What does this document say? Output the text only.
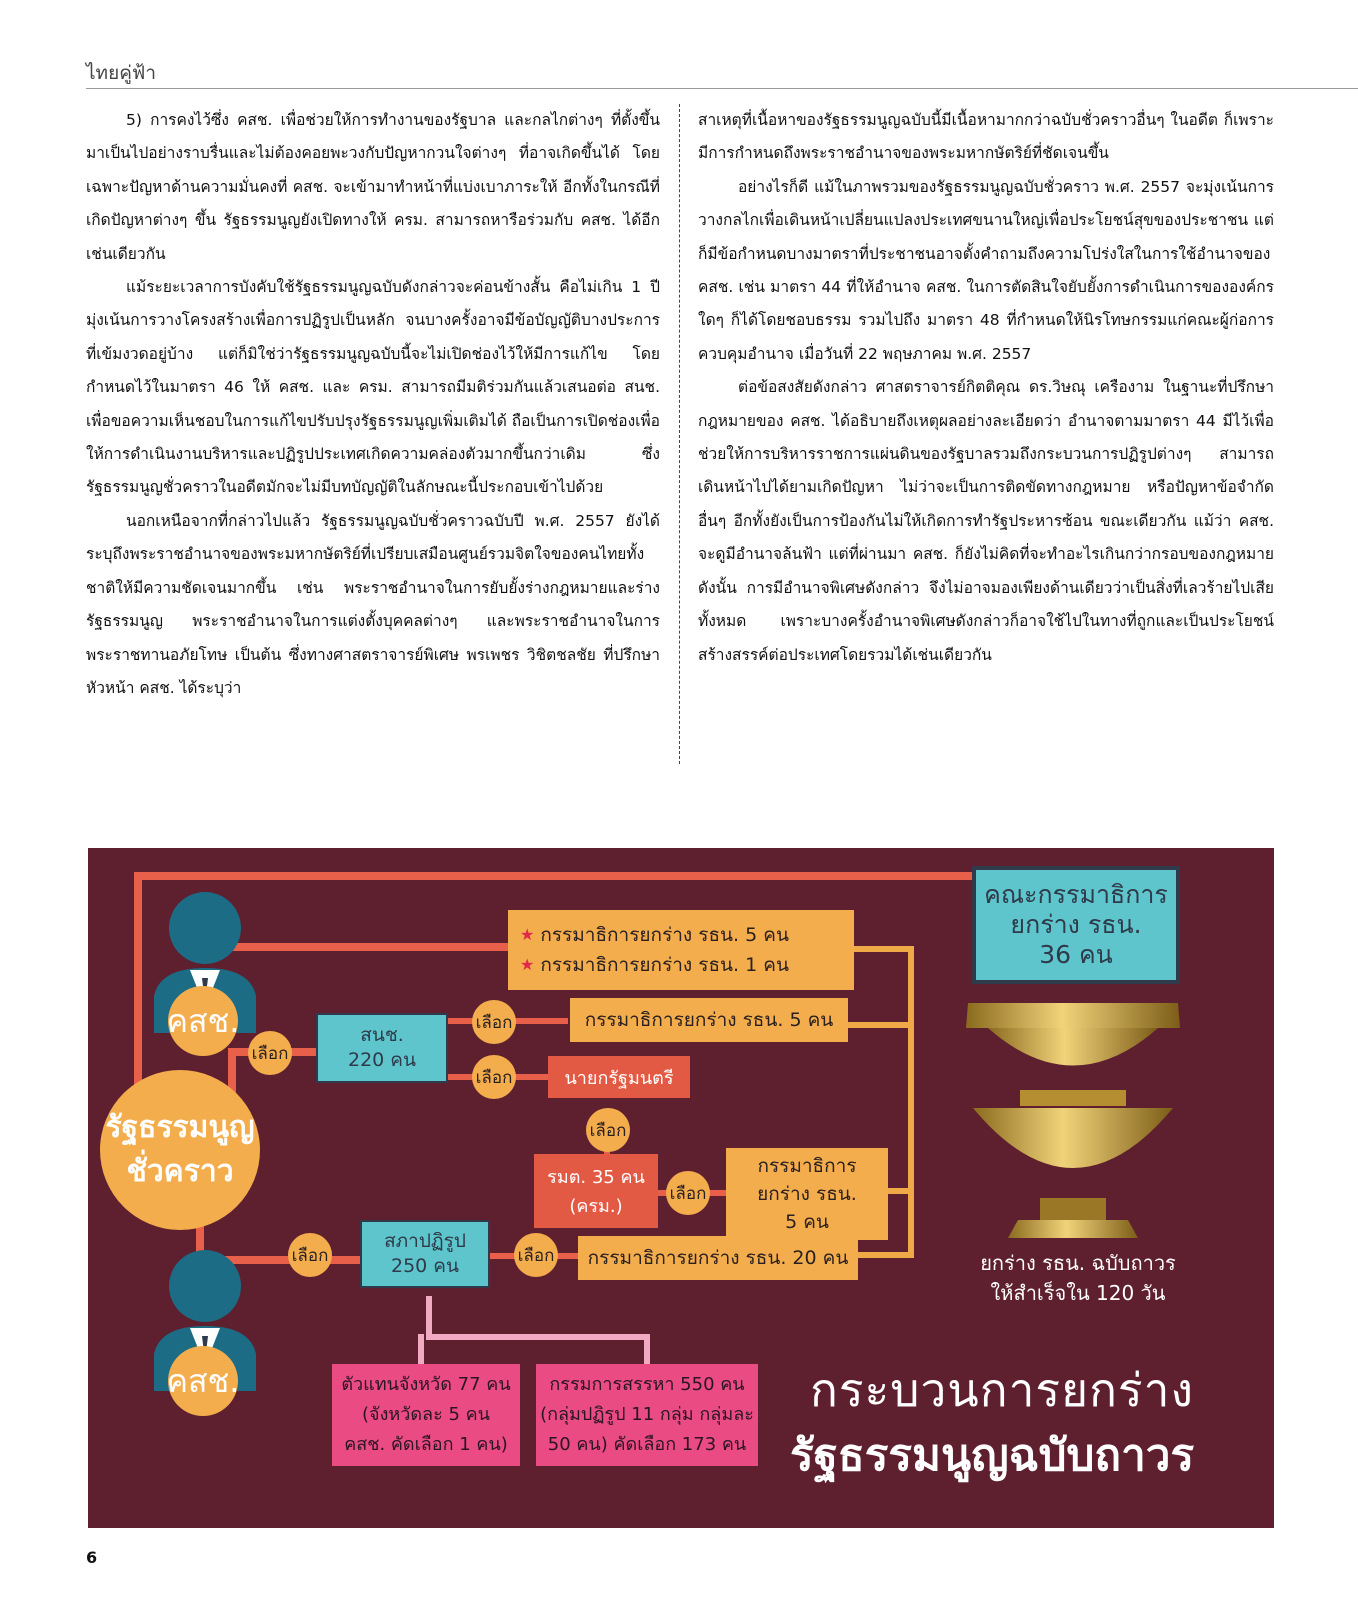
ไทยคู่ฟ้า

5) การคงไว้ซึ่ง คสช. เพื่อช่วยให้การทำงานของรัฐบาล และกลไกต่างๆ ที่ตั้งขึ้นมาเป็นไปอย่างราบรื่นและไม่ต้องคอยพะวงกับปัญหากวนใจต่างๆ ที่อาจเกิดขึ้นได้ โดยเฉพาะปัญหาด้านความมั่นคงที่ คสช. จะเข้ามาทำหน้าที่แบ่งเบาภาระให้ อีกทั้งในกรณีที่เกิดปัญหาต่างๆ ขึ้น รัฐธรรมนูญยังเปิดทางให้ ครม. สามารถหารือร่วมกับ คสช. ได้อีกเช่นเดียวกัน

แม้ระยะเวลาการบังคับใช้รัฐธรรมนูญฉบับดังกล่าวจะค่อนข้างสั้น คือไม่เกิน 1 ปี มุ่งเน้นการวางโครงสร้างเพื่อการปฏิรูปเป็นหลัก จนบางครั้งอาจมีข้อบัญญัติบางประการที่เข้มงวดอยู่บ้าง แต่ก็มิใช่ว่ารัฐธรรมนูญฉบับนี้จะไม่เปิดช่องไว้ให้มีการแก้ไข โดยกำหนดไว้ในมาตรา 46 ให้ คสช. และ ครม. สามารถมีมติร่วมกันแล้วเสนอต่อ สนช. เพื่อขอความเห็นชอบในการแก้ไขปรับปรุงรัฐธรรมนูญเพิ่มเติมได้ ถือเป็นการเปิดช่องเพื่อให้การดำเนินงานบริหารและปฏิรูปประเทศเกิดความคล่องตัวมากขึ้นกว่าเดิม ซึ่งรัฐธรรมนูญชั่วคราวในอดีตมักจะไม่มีบทบัญญัติในลักษณะนี้ประกอบเข้าไปด้วย

นอกเหนือจากที่กล่าวไปแล้ว รัฐธรรมนูญฉบับชั่วคราวฉบับปี พ.ศ. 2557 ยังได้ระบุถึงพระราชอำนาจของพระมหากษัตริย์ที่เปรียบเสมือนศูนย์รวมจิตใจของคนไทยทั้งชาติให้มีความชัดเจนมากขึ้น เช่น พระราชอำนาจในการยับยั้งร่างกฎหมายและร่างรัฐธรรมนูญ พระราชอำนาจในการแต่งตั้งบุคคลต่างๆ และพระราชอำนาจในการพระราชทานอภัยโทษ เป็นต้น ซึ่งทางศาสตราจารย์พิเศษ พรเพชร วิชิตชลชัย ที่ปรึกษาหัวหน้า คสช. ได้ระบุว่า

สาเหตุที่เนื้อหาของรัฐธรรมนูญฉบับนี้มีเนื้อหามากกว่าฉบับชั่วคราวอื่นๆ ในอดีต ก็เพราะมีการกำหนดถึงพระราชอำนาจของพระมหากษัตริย์ที่ชัดเจนขึ้น

อย่างไรก็ดี แม้ในภาพรวมของรัฐธรรมนูญฉบับชั่วคราว พ.ศ. 2557 จะมุ่งเน้นการวางกลไกเพื่อเดินหน้าเปลี่ยนแปลงประเทศขนานใหญ่เพื่อประโยชน์สุขของประชาชน แต่ก็มีข้อกำหนดบางมาตราที่ประชาชนอาจตั้งคำถามถึงความโปร่งใสในการใช้อำนาจของ คสช. เช่น มาตรา 44 ที่ให้อำนาจ คสช. ในการตัดสินใจยับยั้งการดำเนินการขององค์กรใดๆ ก็ได้โดยชอบธรรม รวมไปถึง มาตรา 48 ที่กำหนดให้นิรโทษกรรมแก่คณะผู้ก่อการควบคุมอำนาจ เมื่อวันที่ 22 พฤษภาคม พ.ศ. 2557

ต่อข้อสงสัยดังกล่าว ศาสตราจารย์กิตติคุณ ดร.วิษณุ เครืองาม ในฐานะที่ปรึกษากฎหมายของ คสช. ได้อธิบายถึงเหตุผลอย่างละเอียดว่า อำนาจตามมาตรา 44 มีไว้เพื่อช่วยให้การบริหารราชการแผ่นดินของรัฐบาลรวมถึงกระบวนการปฏิรูปต่างๆ สามารถเดินหน้าไปได้ยามเกิดปัญหา ไม่ว่าจะเป็นการติดขัดทางกฎหมาย หรือปัญหาข้อจำกัดอื่นๆ อีกทั้งยังเป็นการป้องกันไม่ให้เกิดการทำรัฐประหารซ้อน ขณะเดียวกัน แม้ว่า คสช. จะดูมีอำนาจล้นฟ้า แต่ที่ผ่านมา คสช. ก็ยังไม่คิดที่จะทำอะไรเกินกว่ากรอบของกฎหมาย ดังนั้น การมีอำนาจพิเศษดังกล่าว จึงไม่อาจมองเพียงด้านเดียวว่าเป็นสิ่งที่เลวร้ายไปเสียทั้งหมด เพราะบางครั้งอำนาจพิเศษดังกล่าวก็อาจใช้ไปในทางที่ถูกและเป็นประโยชน์สร้างสรรค์ต่อประเทศโดยรวมได้เช่นเดียวกัน

คสช.
รัฐธรรมนูญ
ชั่วคราว
คสช.
เลือก
เลือก
เลือก
เลือก
เลือก
เลือก	เลือก
คณะกรรมาธิการ
ยกร่าง รธน.
36 คน
★ กรรมาธิการยกร่าง รธน. 5 คน
★ กรรมาธิการยกร่าง รธน. 1 คน
สนช.
220 คน
กรรมาธิการยกร่าง รธน. 5 คน
นายกรัฐมนตรี
รมต. 35 คน
(ครม.)
กรรมาธิการ
ยกร่าง รธน.
5 คน
สภาปฏิรูป
250 คน	กรรมาธิการยกร่าง รธน. 20 คน
ตัวแทนจังหวัด 77 คน
(จังหวัดละ 5 คน
คสช. คัดเลือก 1 คน)
กรรมการสรรหา 550 คน
(กลุ่มปฏิรูป 11 กลุ่ม กลุ่มละ
50 คน) คัดเลือก 173 คน
ยกร่าง รธน. ฉบับถาวร
ให้สำเร็จใน 120 วัน
กระบวนการยกร่าง
รัฐธรรมนูญฉบับถาวร
6
